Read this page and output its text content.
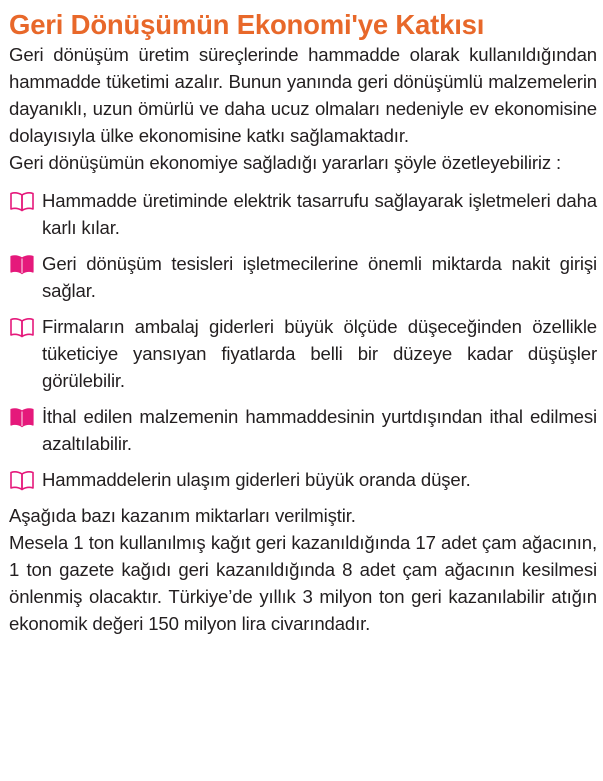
Geri Dönüşümün Ekonomi'ye Katkısı

Geri dönüşüm üretim süreçlerinde hammadde olarak kullanıldığından hammadde tüketimi azalır. Bunun yanında geri dönüşümlü malzemelerin dayanıklı, uzun ömürlü ve daha ucuz olmaları nedeniyle ev ekonomisine dolayısıyla ülke ekonomisine katkı sağlamaktadır.

Geri dönüşümün ekonomiye sağladığı yararları şöyle özetleyebiliriz :

Hammadde üretiminde elektrik tasarrufu sağlayarak işletmeleri daha karlı kılar.
Geri dönüşüm tesisleri işletmecilerine önemli miktarda nakit girişi sağlar.
Firmaların ambalaj giderleri büyük ölçüde düşeceğinden özellikle tüketiciye yansıyan fiyatlarda belli bir düzeye kadar düşüşler görülebilir.
İthal edilen malzemenin hammaddesinin yurtdışından ithal edilmesi azaltılabilir.
Hammaddelerin ulaşım giderleri büyük oranda düşer.

Aşağıda bazı kazanım miktarları verilmiştir.

Mesela 1 ton kullanılmış kağıt geri kazanıldığında 17 adet çam ağacının, 1 ton gazete kağıdı geri kazanıldığında 8 adet çam ağacının kesilmesi önlenmiş olacaktır. Türkiye’de yıllık 3 milyon ton geri kazanılabilir atığın ekonomik değeri 150 milyon lira civarındadır.
